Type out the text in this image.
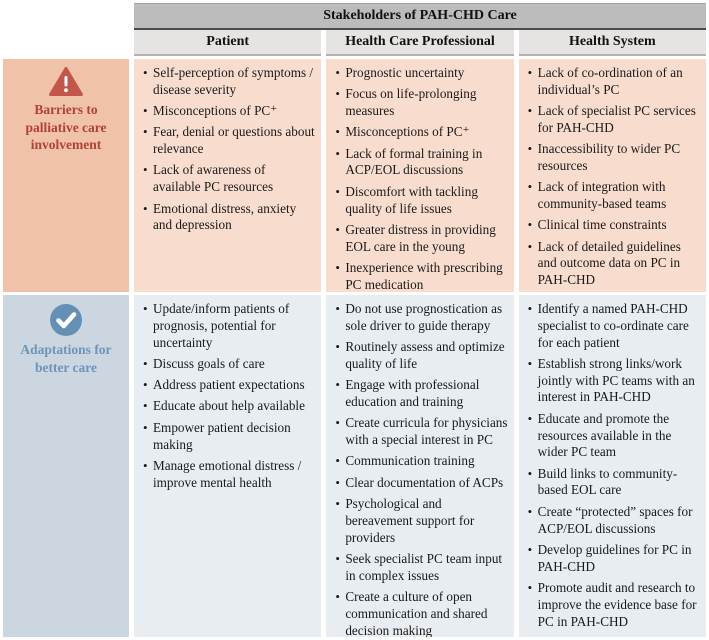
Stakeholders of PAH-CHD Care
Patient	Health Care Professional	Health System
Barriers to palliative care involvement
• Self-perception of symptoms / disease severity
• Misconceptions of PC⁺
• Fear, denial or questions about relevance
• Lack of awareness of available PC resources
• Emotional distress, anxiety and depression
• Prognostic uncertainty
• Focus on life-prolonging measures
• Misconceptions of PC⁺
• Lack of formal training in ACP/EOL discussions
• Discomfort with tackling quality of life issues
• Greater distress in providing EOL care in the young
• Inexperience with prescribing PC medication
• Lack of co-ordination of an individual’s PC
• Lack of specialist PC services for PAH-CHD
• Inaccessibility to wider PC resources
• Lack of integration with community-based teams
• Clinical time constraints
• Lack of detailed guidelines and outcome data on PC in PAH-CHD
Adaptations for better care
• Update/inform patients of prognosis, potential for uncertainty
• Discuss goals of care
• Address patient expectations
• Educate about help available
• Empower patient decision making
• Manage emotional distress / improve mental health
• Do not use prognostication as sole driver to guide therapy
• Routinely assess and optimize quality of life
• Engage with professional education and training
• Create curricula for physicians with a special interest in PC
• Communication training
• Clear documentation of ACPs
• Psychological and bereavement support for providers
• Seek specialist PC team input in complex issues
• Create a culture of open communication and shared decision making
• Identify a named PAH-CHD specialist to co-ordinate care for each patient
• Establish strong links/work jointly with PC teams with an interest in PAH-CHD
• Educate and promote the resources available in the wider PC team
• Build links to community-based EOL care
• Create “protected” spaces for ACP/EOL discussions
• Develop guidelines for PC in PAH-CHD
• Promote audit and research to improve the evidence base for PC in PAH-CHD
